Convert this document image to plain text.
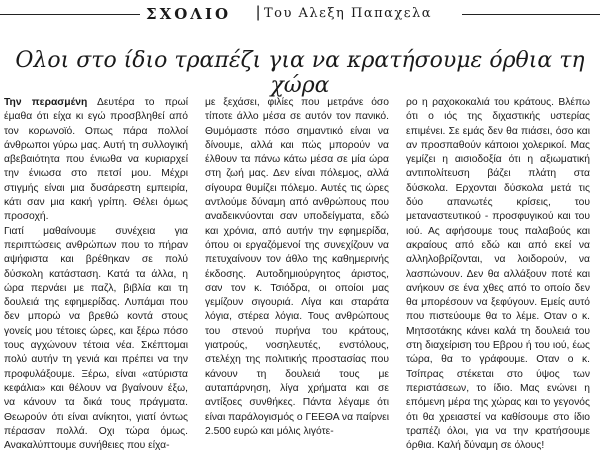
ΣΧΟΛΙΟ | Του Αλεξη Παπαχελα
Ολοι στο ίδιο τραπέζι για να κρατήσουμε όρθια τη χώρα

Την περασμένη Δευτέρα το πρωί έμαθα ότι είχα κι εγώ προσβληθεί από τον κορωνοϊό. Οπως πάρα πολλοί άνθρωποι γύρω μας. Αυτή τη συλλογική αβεβαιότητα που ένιωθα να κυριαρχεί την ένιωσα στο πετσί μου. Μέχρι στιγμής είναι μια δυσάρεστη εμπειρία, κάτι σαν μια κακή γρίπη. Θέλει όμως προσοχή.

Γιατί μαθαίνουμε συνέχεια για περιπτώσεις ανθρώπων που το πήραν αψήφιστα και βρέθηκαν σε πολύ δύσκολη κατάσταση. Κατά τα άλλα, η ώρα περνάει με παζλ, βιβλία και τη δουλειά της εφημερίδας. Λυπάμαι που δεν μπορώ να βρεθώ κοντά στους γονείς μου τέτοιες ώρες, και ξέρω πόσο τους αγχώνουν τέτοια νέα. Σκέπτομαι πολύ αυτήν τη γενιά και πρέπει να την προφυλάξουμε. Ξέρω, είναι «ατύριστα κεφάλια» και θέλουν να βγαίνουν έξω, να κάνουν τα δικά τους πράγματα. Θεωρούν ότι είναι ανίκητοι, γιατί όντως πέρασαν πολλά. Οχι τώρα όμως. Ανακαλύπτουμε συνήθειες που είχα-

με ξεχάσει, φιλίες που μετράνε όσο τίποτε άλλο μέσα σε αυτόν τον πανικό. Θυμόμαστε πόσο σημαντικό είναι να δίνουμε, αλλά και πώς μπορούν να έλθουν τα πάνω κάτω μέσα σε μία ώρα στη ζωή μας. Δεν είναι πόλεμος, αλλά σίγουρα θυμίζει πόλεμο. Αυτές τις ώρες αντλούμε δύναμη από ανθρώπους που αναδεικνύονται σαν υποδείγματα, εδώ και χρόνια, από αυτήν την εφημερίδα, όπου οι εργαζόμενοί της συνεχίζουν να πετυχαίνουν τον άθλο της καθημερινής έκδοσης. Αυτοδημιούργητος άριστος, σαν τον κ. Τσιόδρα, οι οποίοι μας γεμίζουν σιγουριά. Λίγα και σταράτα λόγια, στέρεα λόγια. Τους ανθρώπους του στενού πυρήνα του κράτους, γιατρούς, νοσηλευτές, ενστόλους, στελέχη της πολιτικής προστασίας που κάνουν τη δουλειά τους με αυταπάρνηση, λίγα χρήματα και σε αντίξοες συνθήκες. Πάντα λέγαμε ότι είναι παράλογισμός ο ΓΕΕΘΑ να παίρνει 2.500 ευρώ και μόλις λιγότε-

ρο η ραχοκοκαλιά του κράτους. Βλέπω ότι ο ιός της διχαστικής υστερίας επιμένει. Σε εμάς δεν θα πιάσει, όσο και αν προσπαθούν κάποιοι χολερικοί. Μας γεμίζει η αισιοδοξία ότι η αξιωματική αντιπολίτευση βάζει πλάτη στα δύσκολα. Ερχονται δύσκολα μετά τις δύο απανωτές κρίσεις, του μεταναστευτικού - προσφυγικού και του ιού. Ας αφήσουμε τους παλαβούς και ακραίους από εδώ και από εκεί να αλληλοβρίζονται, να λοιδορούν, να λασπώνουν. Δεν θα αλλάξουν ποτέ και ανήκουν σε ένα χθες από το οποίο δεν θα μπορέσουν να ξεφύγουν. Εμείς αυτό που πιστεύουμε θα το λέμε. Οταν ο κ. Μητσοτάκης κάνει καλά τη δουλειά του στη διαχείριση του Εβρου ή του ιού, έως τώρα, θα το γράφουμε. Οταν ο κ. Τσίπρας στέκεται στο ύψος των περιστάσεων, το ίδιο. Μας ενώνει η επόμενη μέρα της χώρας και το γεγονός ότι θα χρειαστεί να καθίσουμε στο ίδιο τραπέζι όλοι, για να την κρατήσουμε όρθια. Καλή δύναμη σε όλους!
